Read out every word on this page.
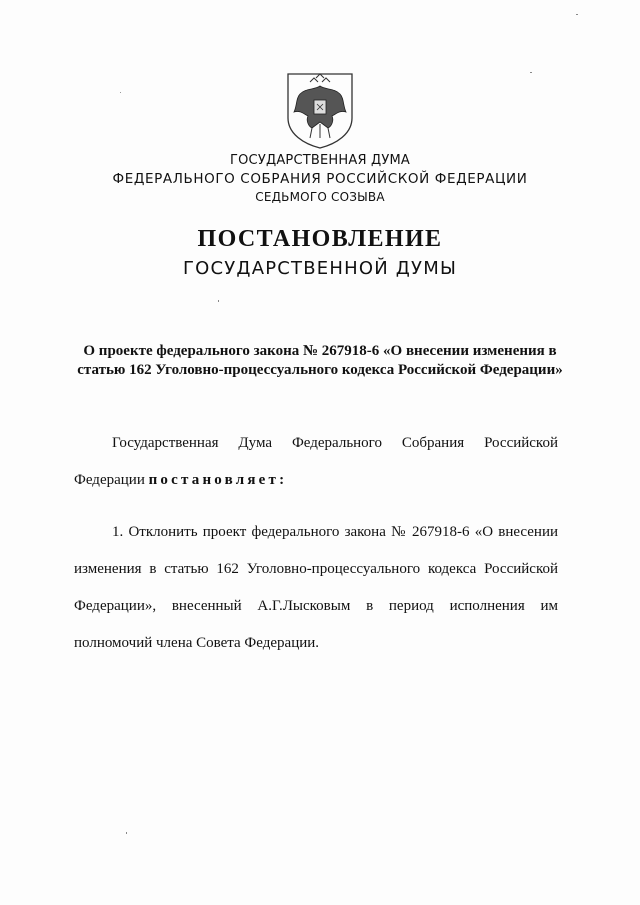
ГОСУДАРСТВЕННАЯ ДУМА
ФЕДЕРАЛЬНОГО СОБРАНИЯ РОССИЙСКОЙ ФЕДЕРАЦИИ
СЕДЬМОГО СОЗЫВА
ПОСТАНОВЛЕНИЕ
ГОСУДАРСТВЕННОЙ ДУМЫ
О проекте федерального закона № 267918-6 «О внесении изменения в
статью 162 Уголовно-процессуального кодекса Российской Федерации»
Государственная Дума Федерального Собрания Российской
Федерации постановляет:
1. Отклонить проект федерального закона № 267918-6 «О внесении
изменения в статью 162 Уголовно-процессуального кодекса Российской
Федерации», внесенный А.Г.Лысковым в период исполнения им
полномочий члена Совета Федерации.
